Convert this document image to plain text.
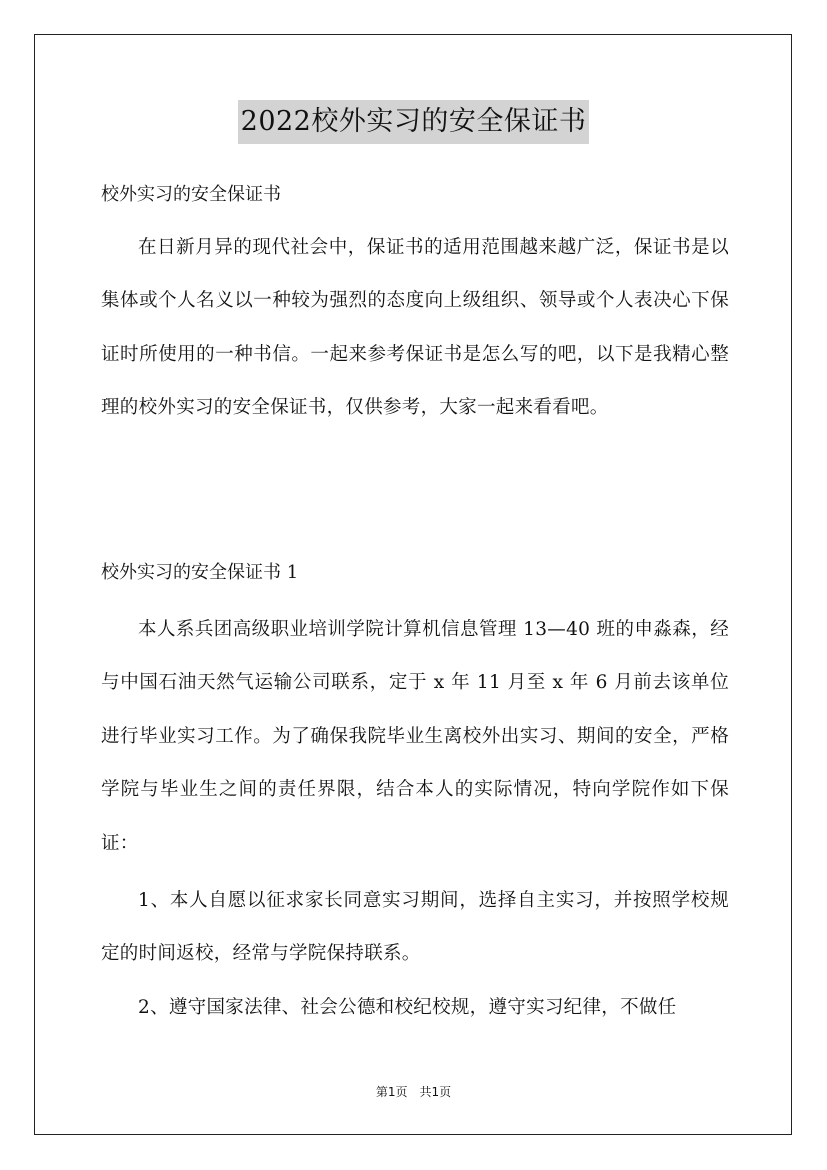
2022校外实习的安全保证书
校外实习的安全保证书
在日新月异的现代社会中，保证书的适用范围越来越广泛，保证书是以集体或个人名义以一种较为强烈的态度向上级组织、领导或个人表决心下保证时所使用的一种书信。一起来参考保证书是怎么写的吧，以下是我精心整理的校外实习的安全保证书，仅供参考，大家一起来看看吧。
校外实习的安全保证书 1
本人系兵团高级职业培训学院计算机信息管理 13—40 班的申淼森，经与中国石油天然气运输公司联系，定于 x 年 11 月至 x 年 6 月前去该单位进行毕业实习工作。为了确保我院毕业生离校外出实习、期间的安全，严格学院与毕业生之间的责任界限，结合本人的实际情况，特向学院作如下保证：
1、本人自愿以征求家长同意实习期间，选择自主实习，并按照学校规定的时间返校，经常与学院保持联系。
2、遵守国家法律、社会公德和校纪校规，遵守实习纪律，不做任
第1页　共1页
